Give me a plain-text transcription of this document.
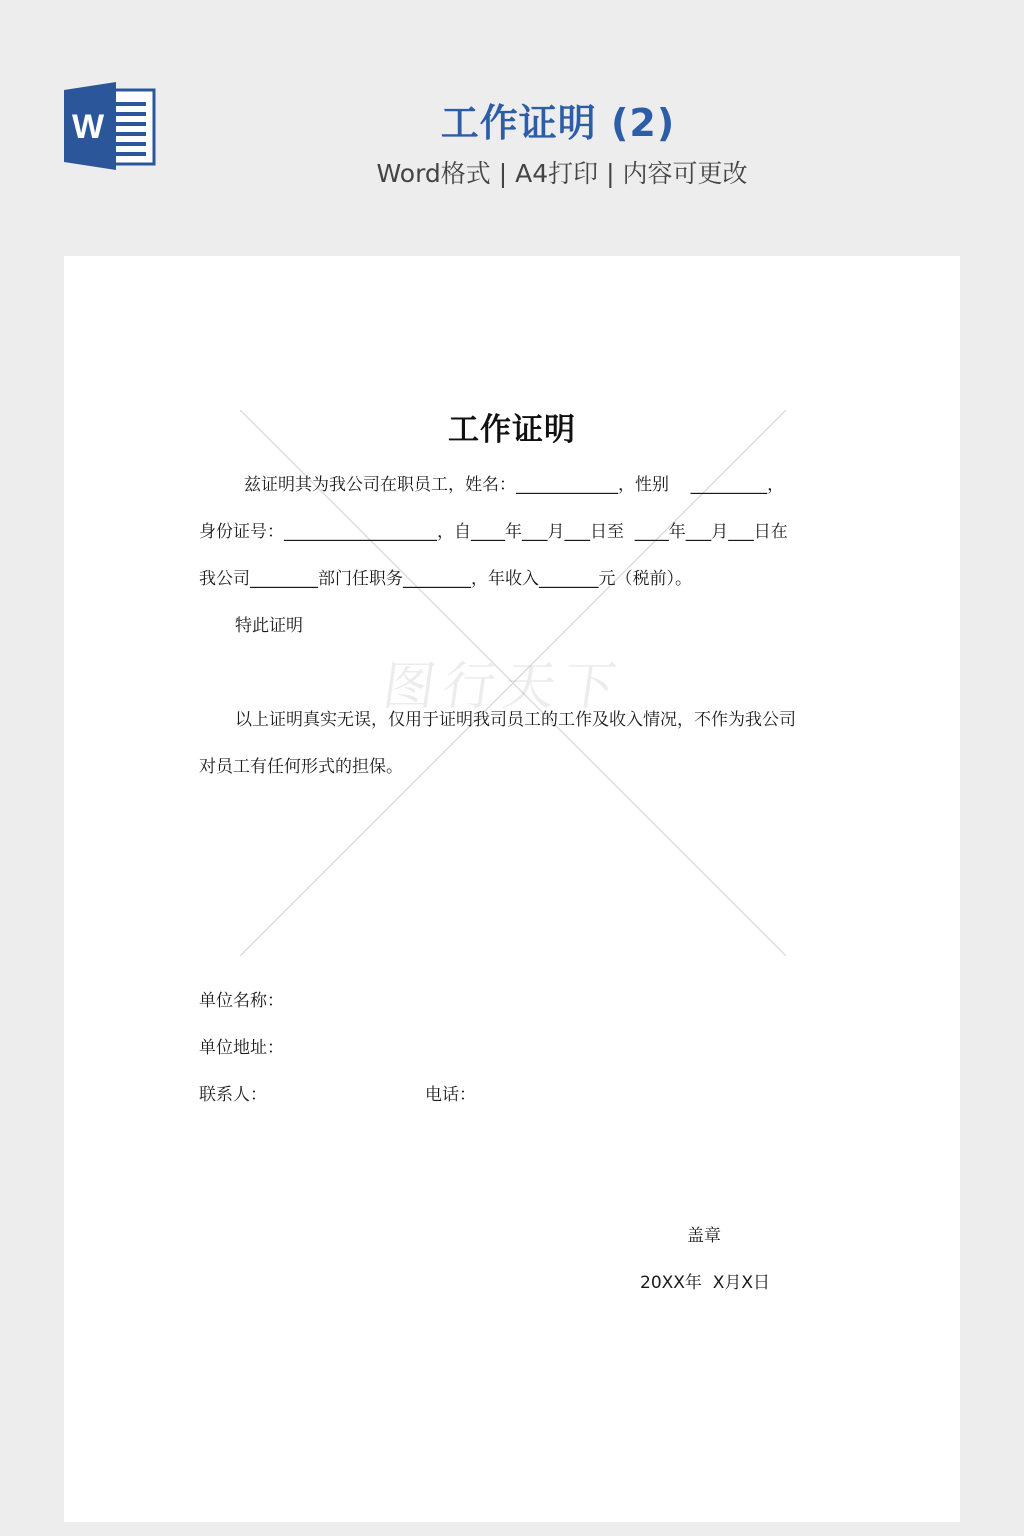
W	工作证明 (2)
Word格式 | A4打印 | 内容可更改
图行天下
工作证明
兹证明其为我公司在职员工，姓名：____________，性别    _________，
身份证号：__________________，自____年___月___日至  ____年___月___日在
我公司________部门任职务________，年收入_______元（税前）。
特此证明
以上证明真实无误，仅用于证明我司员工的工作及收入情况，不作为我公司
对员工有任何形式的担保。
单位名称：
单位地址：
联系人：	电话：
盖章
20XX年  X月X日
